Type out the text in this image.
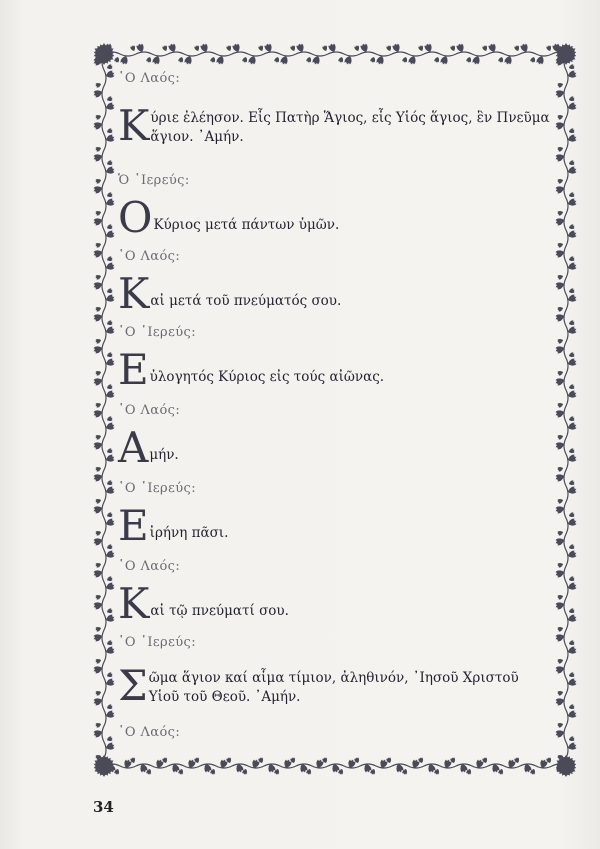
῾Ο Λαός:
Κ ύριε ἐλέησον. Εἷς Πατὴρ Ἅγιος, εἷς Υἱός ἅγιος, ἓν Πνεῦμα ἅγιον. ᾿Αμήν.
Ὁ ῾Ιερεύς:
Ο Κύριος μετά πάντων ὑμῶν.
῾Ο Λαός:
Κ αἰ μετά τοῦ πνεύματός σου.
῾Ο ῾Ιερεύς:
Ε ὐλογητός Κύριος εἰς τούς αἰῶνας.
῾Ο Λαός:
Α μήν.
῾Ο ῾Ιερεύς:
Ε ἰρήνη πᾶσι.
῾Ο Λαός:
Κ αἰ τῷ πνεύματί σου.
῾Ο ῾Ιερεύς:
Σ ῶμα ἅγιον καί αἷμα τίμιον, ἀληθινόν, ᾿Ιησοῦ Χριστοῦ Υἱοῦ τοῦ Θεοῦ. ᾿Αμήν.
῾Ο Λαός:
34
